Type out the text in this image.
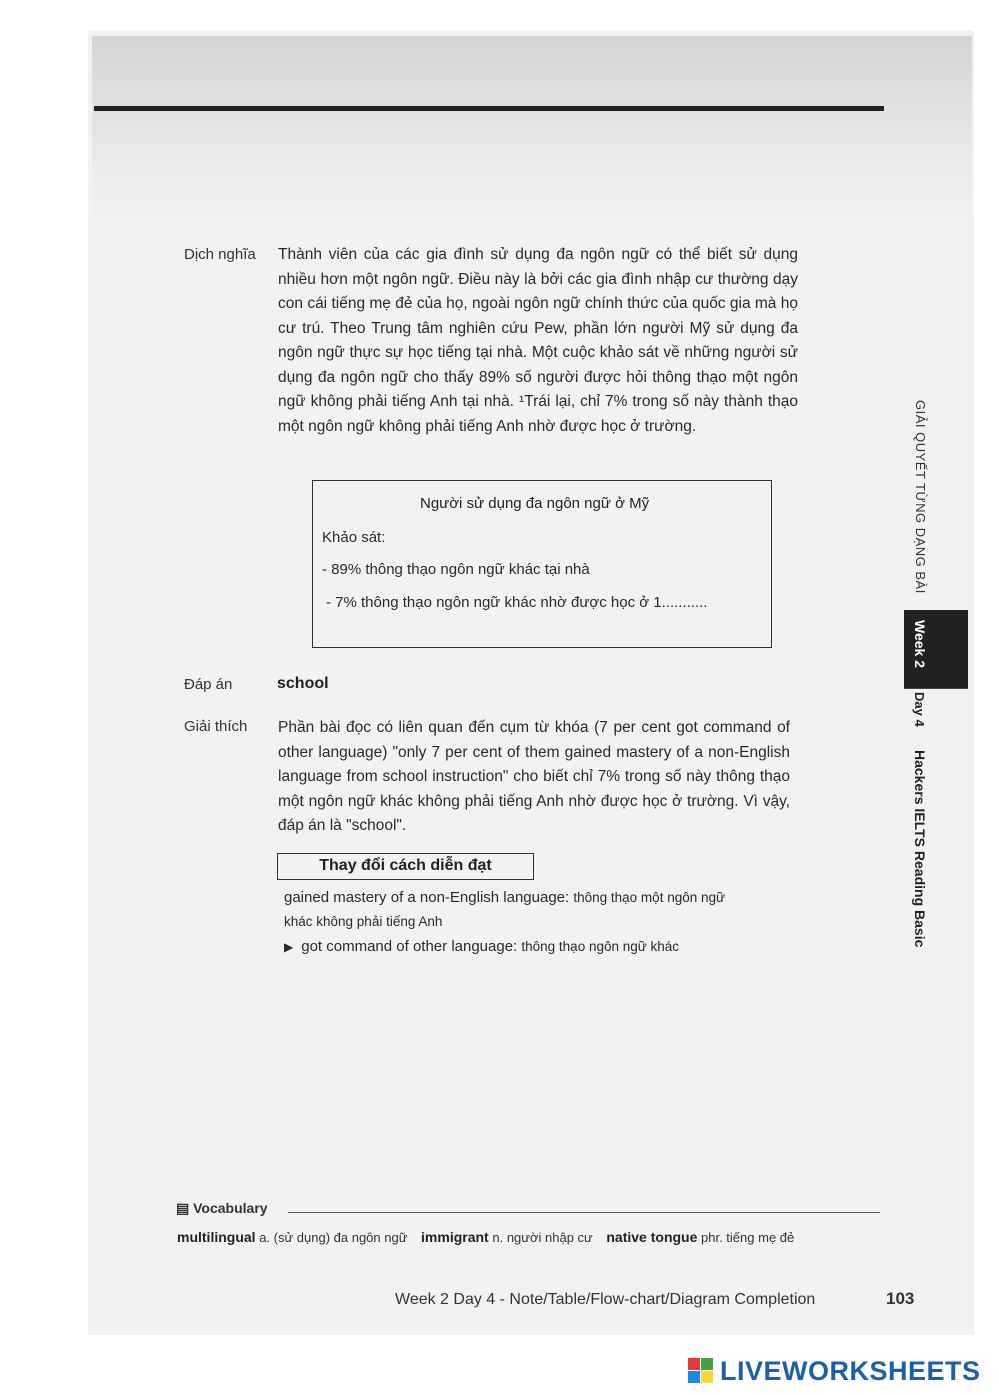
Dịch nghĩa Thành viên của các gia đình sử dụng đa ngôn ngữ có thể biết sử dụng nhiều hơn một ngôn ngữ. Điều này là bởi các gia đình nhập cư thường dạy con cái tiếng mẹ đẻ của họ, ngoài ngôn ngữ chính thức của quốc gia mà họ cư trú. Theo Trung tâm nghiên cứu Pew, phần lớn người Mỹ sử dụng đa ngôn ngữ thực sự học tiếng tại nhà. Một cuộc khảo sát về những người sử dụng đa ngôn ngữ cho thấy 89% số người được hỏi thông thạo một ngôn ngữ không phải tiếng Anh tại nhà. ¹Trái lại, chỉ 7% trong số này thành thạo một ngôn ngữ không phải tiếng Anh nhờ được học ở trường.

Người sử dụng đa ngôn ngữ ở Mỹ
Khảo sát:
- 89% thông thạo ngôn ngữ khác tại nhà
- 7% thông thạo ngôn ngữ khác nhờ được học ở 1...........
Đáp án	school
Giải thích Phần bài đọc có liên quan đến cụm từ khóa (7 per cent got command of other language) "only 7 per cent of them gained mastery of a non-English language from school instruction" cho biết chỉ 7% trong số này thông thạo một ngôn ngữ khác không phải tiếng Anh nhờ được học ở trường. Vì vậy, đáp án là "school".

Thay đổi cách diễn đạt
gained mastery of a non-English language: thông thạo một ngôn ngữ
khác không phải tiếng Anh
▶ got command of other language: thông thạo ngôn ngữ khác
GIẢI QUYẾT TỪNG DẠNG BÀI
Week 2
Day 4
Hackers IELTS Reading Basic
▤ Vocabulary
multilingual a. (sử dụng) đa ngôn ngữ immigrant n. người nhập cư native tongue phr. tiếng mẹ đẻ
Week 2 Day 4 - Note/Table/Flow-chart/Diagram Completion	103
LIVEWORKSHEETS
